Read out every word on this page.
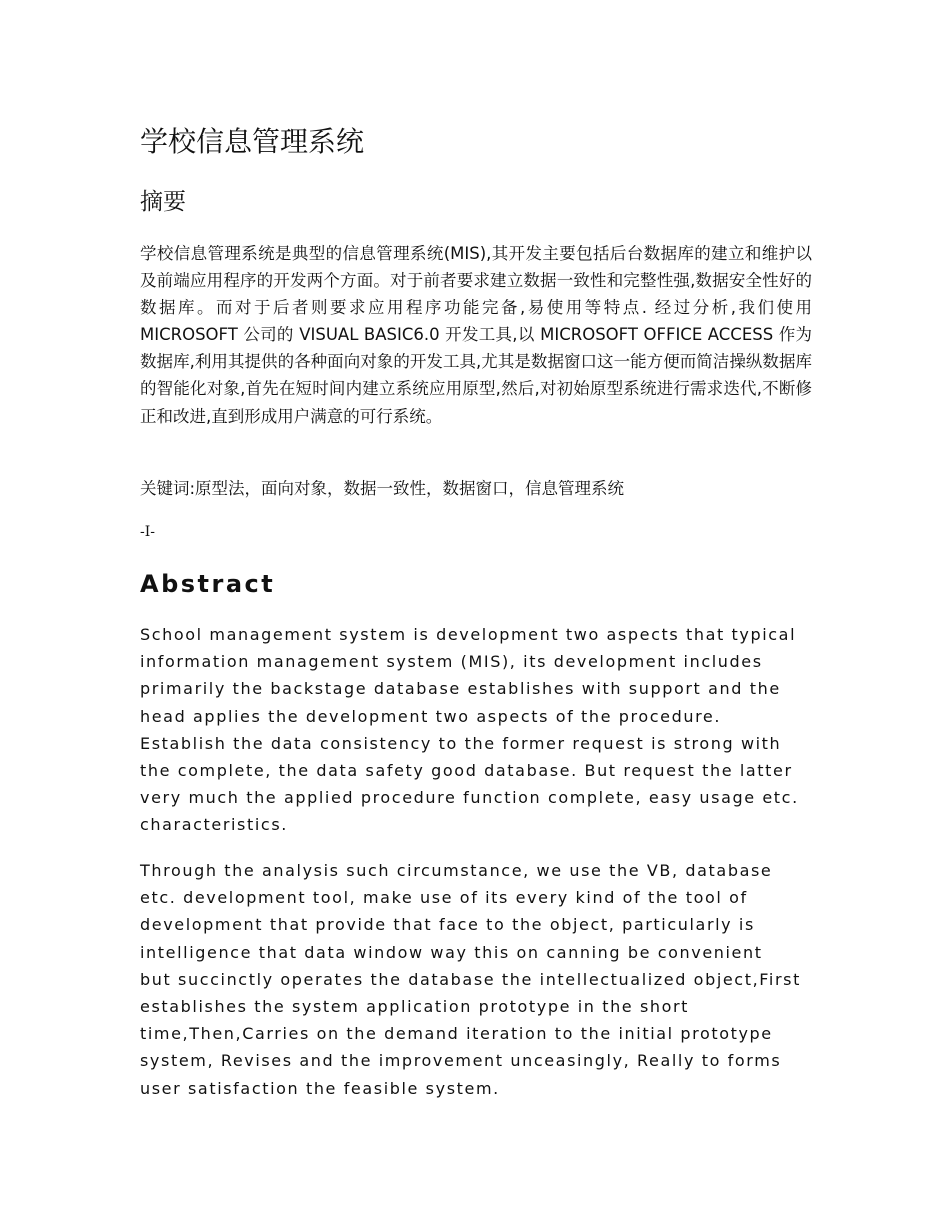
学校信息管理系统
摘要

学校信息管理系统是典型的信息管理系统(MIS),其开发主要包括后台数据库的建立和维护以及前端应用程序的开发两个方面。对于前者要求建立数据一致性和完整性强,数据安全性好的数据库。而对于后者则要求应用程序功能完备,易使用等特点. 经过分析,我们使用 MICROSOFT 公司的 VISUAL BASIC6.0 开发工具,以 MICROSOFT OFFICE ACCESS 作为数据库,利用其提供的各种面向对象的开发工具,尤其是数据窗口这一能方便而简洁操纵数据库的智能化对象,首先在短时间内建立系统应用原型,然后,对初始原型系统进行需求迭代,不断修正和改进,直到形成用户满意的可行系统。

关键词:原型法，面向对象，数据一致性，数据窗口，信息管理系统

-I-

Abstract

School management system is development two aspects that typical
information management system (MIS), its development includes
primarily the backstage database establishes with support and the
head applies the development two aspects of the procedure.
Establish the data consistency to the former request is strong with
the complete, the data safety good database. But request the latter
very much the applied procedure function complete, easy usage etc.
characteristics.

Through the analysis such circumstance, we use the VB, database
etc. development tool, make use of its every kind of the tool of
development that provide that face to the object, particularly is
intelligence that data window way this on canning be convenient
but succinctly operates the database the intellectualized object,First
establishes the system application prototype in the short
time,Then,Carries on the demand iteration to the initial prototype
system, Revises and the improvement unceasingly, Really to forms
user satisfaction the feasible system.
